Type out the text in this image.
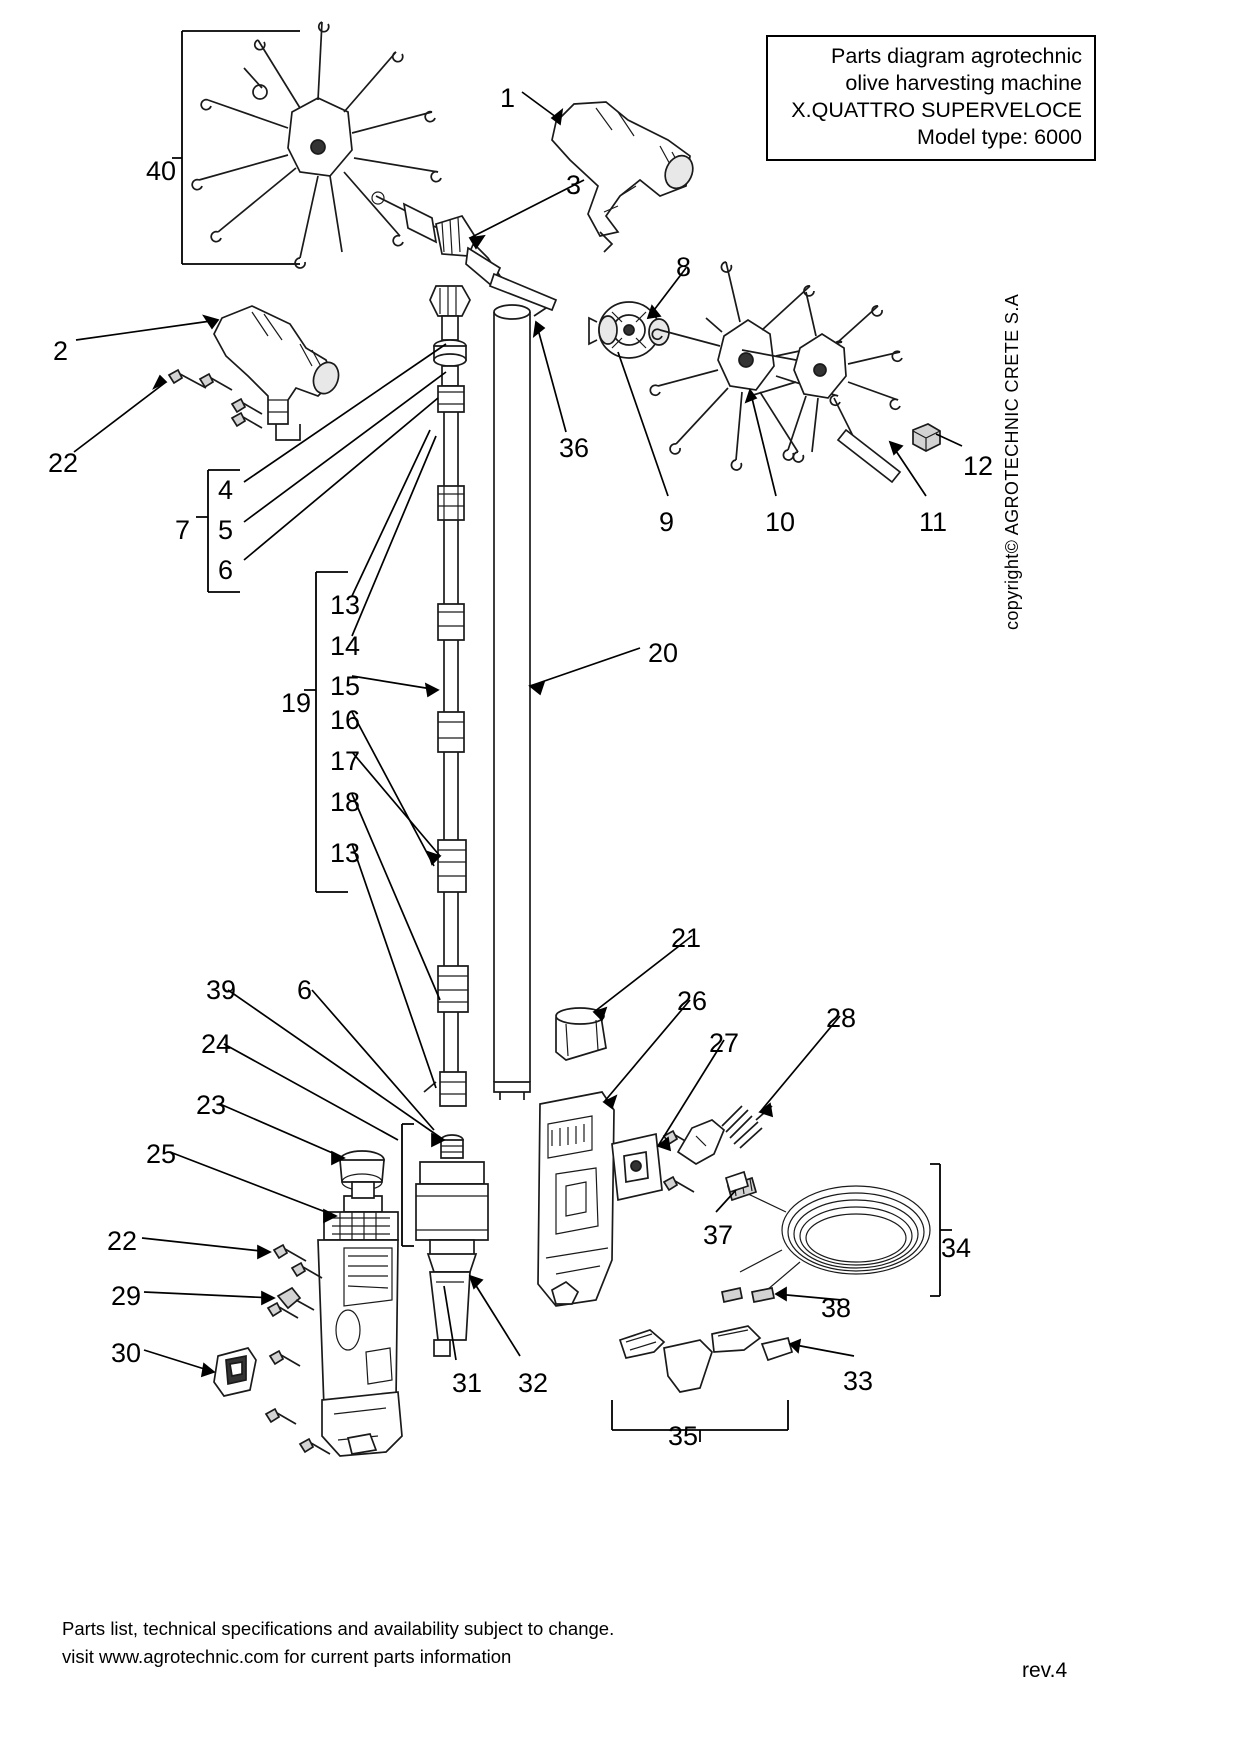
Parts diagram agrotechnic
olive harvesting machine
X.QUATTRO SUPERVELOCE
Model type: 6000
copyright© AGROTECHNIC CRETE S.A
Parts list, technical specifications and availability subject to change.
visit www.agrotechnic.com for current parts information
rev.4
40
1
3
2
22
8
36
9	10	11
12
7
4
5
6
19
13
14
15
16
17
18
13
20
21
26
27
28
39 6
24
23
25
22
29
30
31 32
37	34
38
33
35
